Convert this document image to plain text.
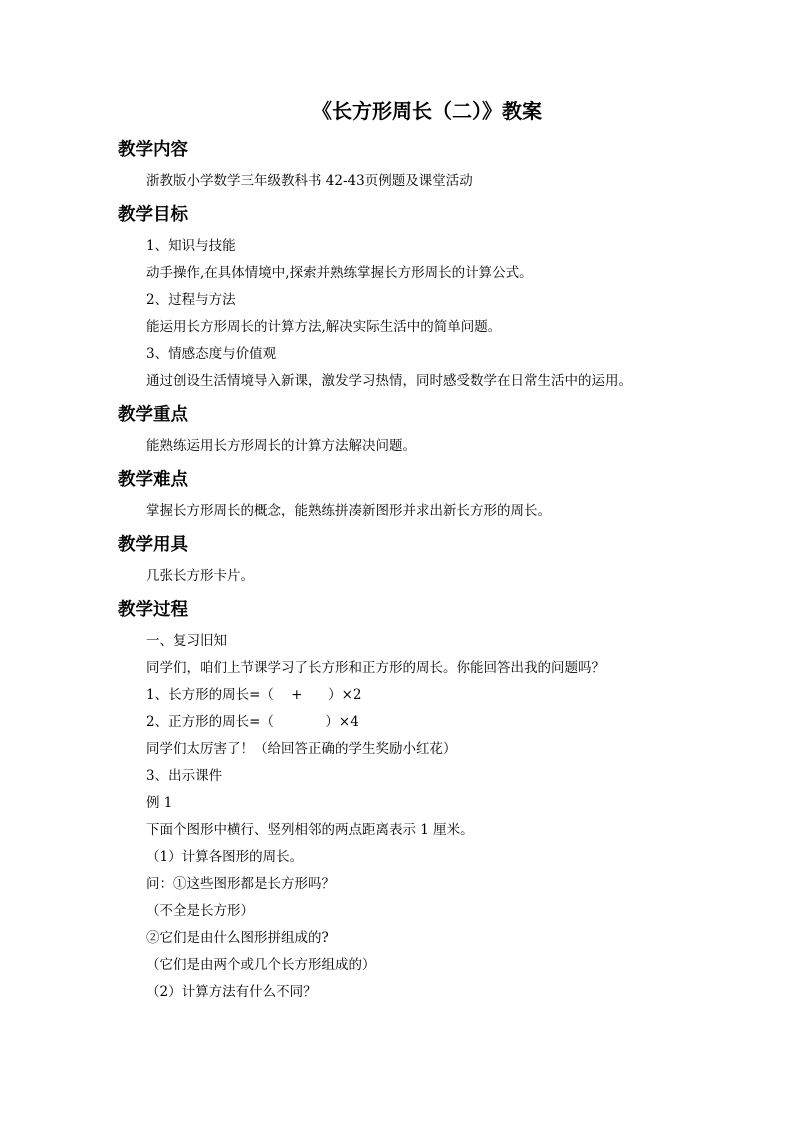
《长方形周长（二）》教案
教学内容
浙教版小学数学三年级教科书 42-43页例题及课堂活动
教学目标
1、知识与技能
动手操作,在具体情境中,探索并熟练掌握长方形周长的计算公式。
2、过程与方法
能运用长方形周长的计算方法,解决实际生活中的简单问题。
3、情感态度与价值观
通过创设生活情境导入新课，激发学习热情，同时感受数学在日常生活中的运用。
教学重点
能熟练运用长方形周长的计算方法解决问题。
教学难点
掌握长方形周长的概念，能熟练拼凑新图形并求出新长方形的周长。
教学用具
几张长方形卡片。
教学过程
一、复习旧知
同学们，咱们上节课学习了长方形和正方形的周长。你能回答出我的问题吗？
1、长方形的周长=（    +      ）×2
2、正方形的周长=（            ）×4
同学们太厉害了！（给回答正确的学生奖励小红花）
3、出示课件
例 1
下面个图形中横行、竖列相邻的两点距离表示 1 厘米。
（1）计算各图形的周长。
问：①这些图形都是长方形吗？
（不全是长方形）
②它们是由什么图形拼组成的?
（它们是由两个或几个长方形组成的）
（2）计算方法有什么不同？
